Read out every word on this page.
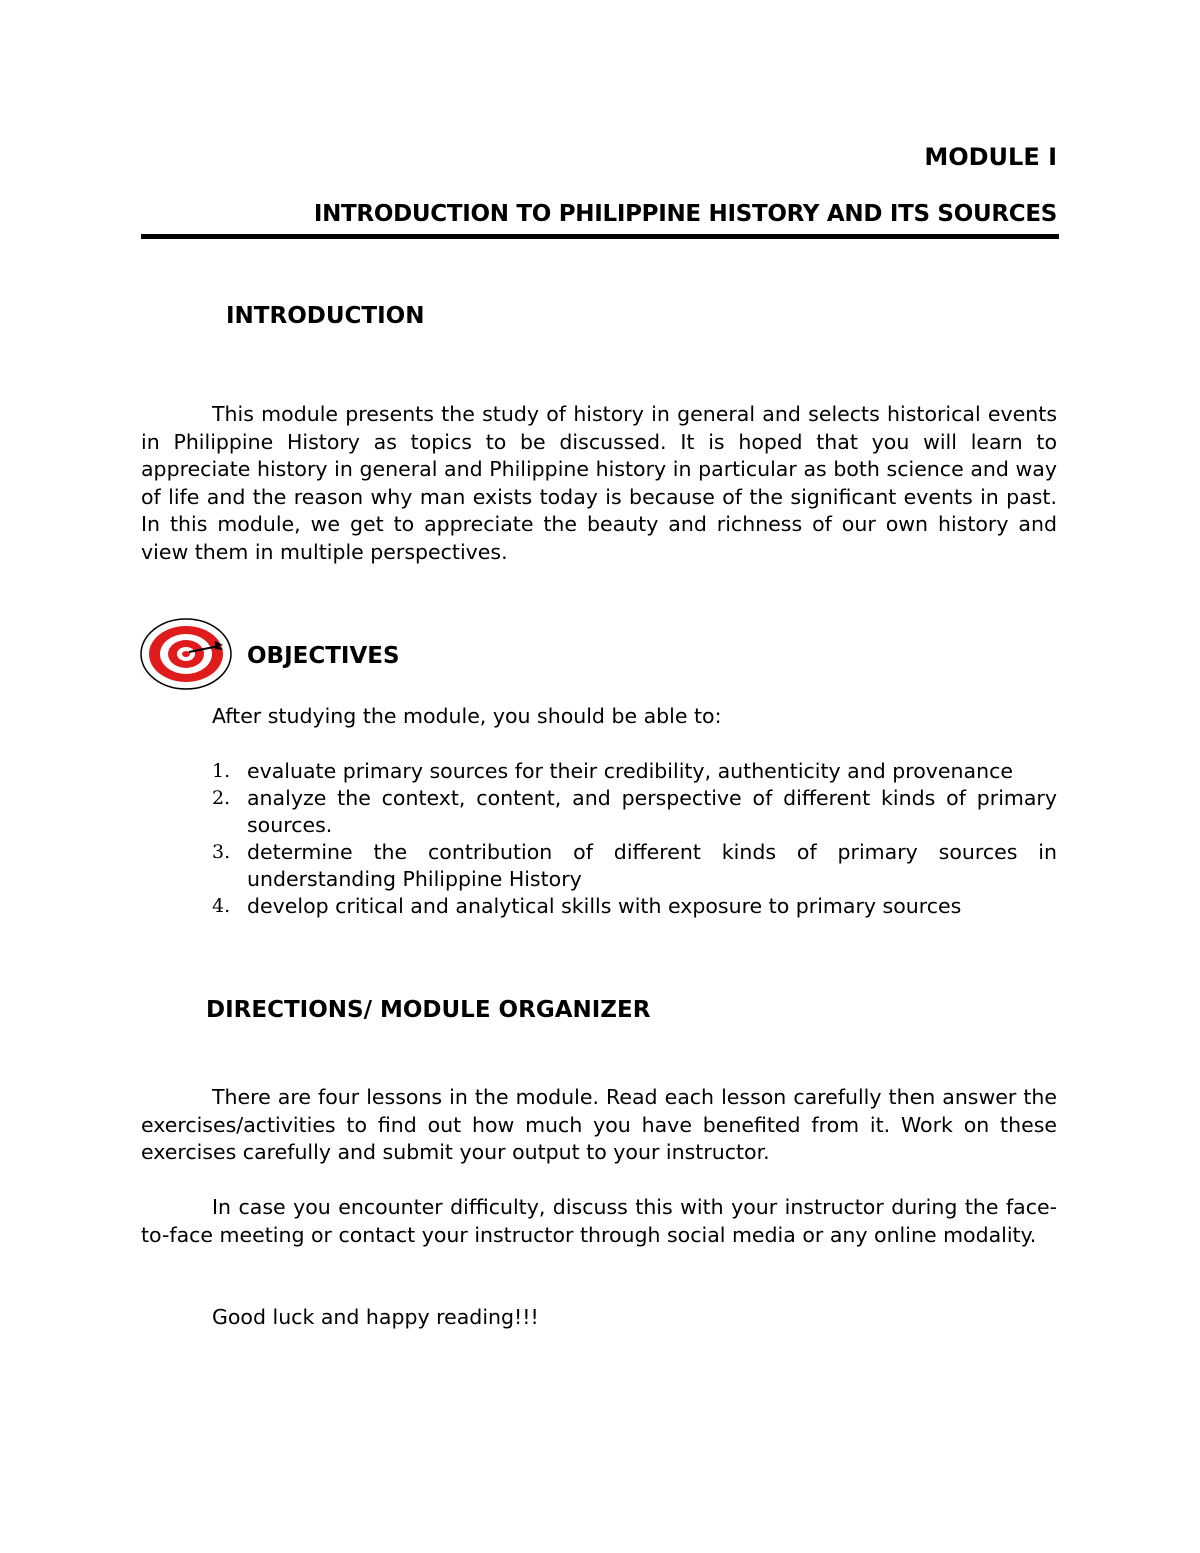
MODULE I
INTRODUCTION TO PHILIPPINE HISTORY AND ITS SOURCES
INTRODUCTION

This module presents the study of history in general and selects historical events in Philippine History as topics to be discussed. It is hoped that you will learn to appreciate history in general and Philippine history in particular as both science and way of life and the reason why man exists today is because of the significant events in past. In this module, we get to appreciate the beauty and richness of our own history and view them in multiple perspectives.

OBJECTIVES

After studying the module, you should be able to:

1. evaluate primary sources for their credibility, authenticity and provenance
2. analyze the context, content, and perspective of different kinds of primary sources.
3. determine the contribution of different kinds of primary sources in understanding Philippine History
4. develop critical and analytical skills with exposure to primary sources
DIRECTIONS/ MODULE ORGANIZER

There are four lessons in the module. Read each lesson carefully then answer the exercises/activities to find out how much you have benefited from it. Work on these exercises carefully and submit your output to your instructor.

In case you encounter difficulty, discuss this with your instructor during the face-to-face meeting or contact your instructor through social media or any online modality.

Good luck and happy reading!!!
